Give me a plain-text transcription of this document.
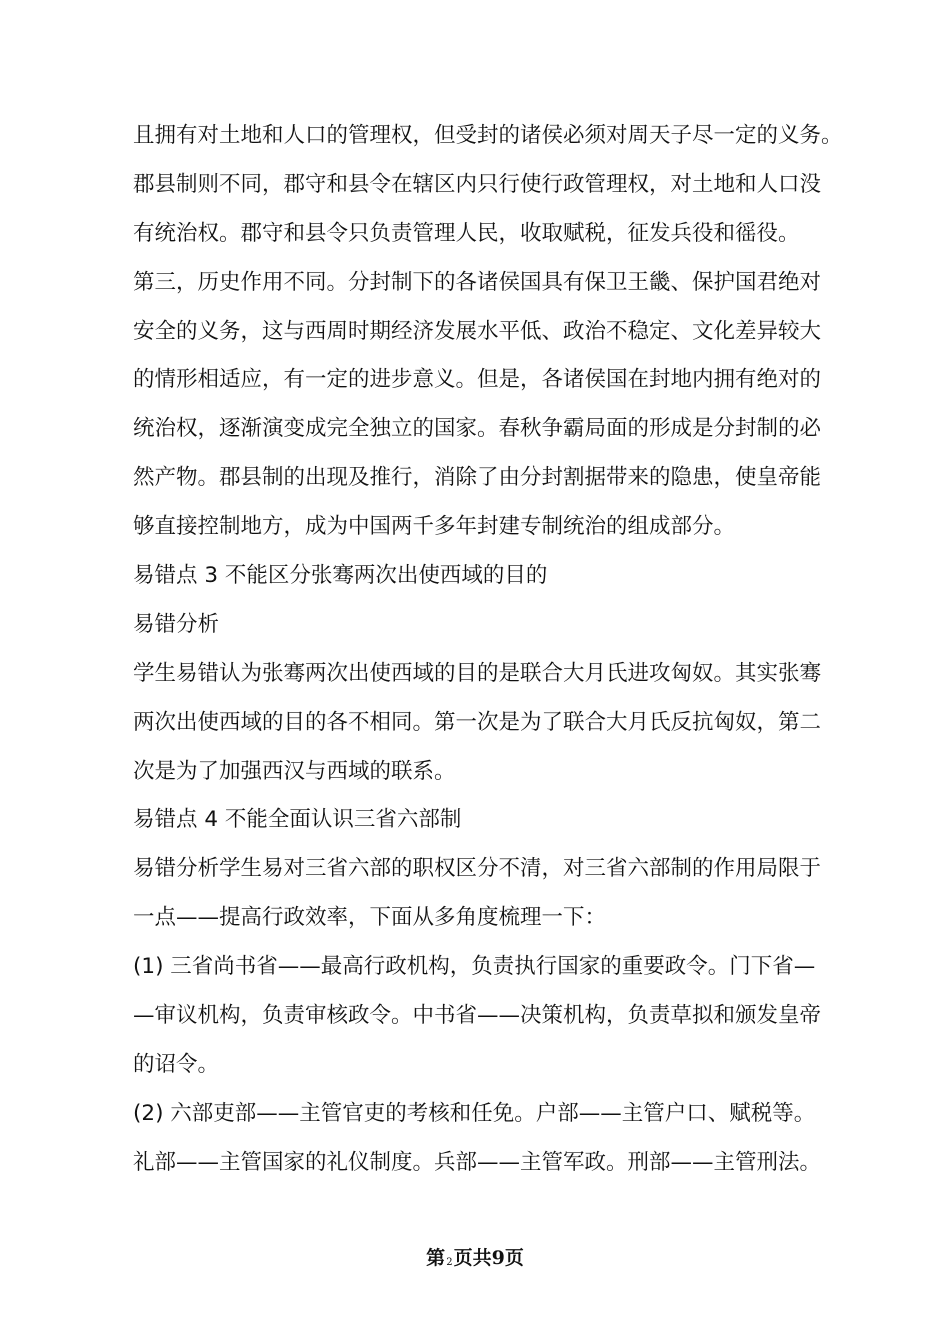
且拥有对土地和人口的管理权，但受封的诸侯必须对周天子尽一定的义务。
郡县制则不同，郡守和县令在辖区内只行使行政管理权，对土地和人口没
有统治权。郡守和县令只负责管理人民，收取赋税，征发兵役和徭役。
第三，历史作用不同。分封制下的各诸侯国具有保卫王畿、保护国君绝对
安全的义务，这与西周时期经济发展水平低、政治不稳定、文化差异较大
的情形相适应，有一定的进步意义。但是，各诸侯国在封地内拥有绝对的
统治权，逐渐演变成完全独立的国家。春秋争霸局面的形成是分封制的必
然产物。郡县制的出现及推行，消除了由分封割据带来的隐患，使皇帝能
够直接控制地方，成为中国两千多年封建专制统治的组成部分。
易错点 3 不能区分张骞两次出使西域的目的
易错分析
学生易错认为张骞两次出使西域的目的是联合大月氏进攻匈奴。其实张骞
两次出使西域的目的各不相同。第一次是为了联合大月氏反抗匈奴，第二
次是为了加强西汉与西域的联系。
易错点 4 不能全面认识三省六部制
易错分析学生易对三省六部的职权区分不清，对三省六部制的作用局限于
一点——提高行政效率，下面从多角度梳理一下：
(1) 三省尚书省——最高行政机构，负责执行国家的重要政令。门下省—
—审议机构，负责审核政令。中书省——决策机构，负责草拟和颁发皇帝
的诏令。
(2) 六部吏部——主管官吏的考核和任免。户部——主管户口、赋税等。
礼部——主管国家的礼仪制度。兵部——主管军政。刑部——主管刑法。
第2页共9页
